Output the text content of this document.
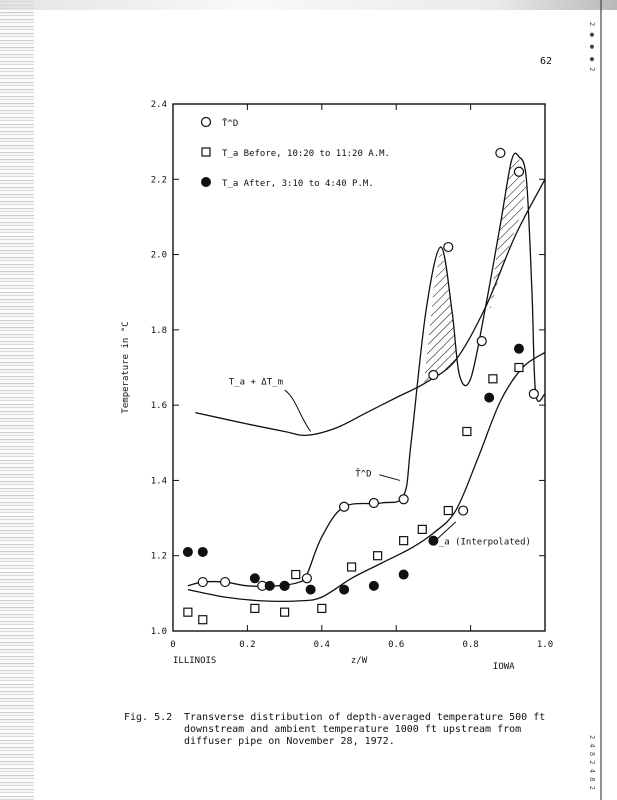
62	2 ● ● ● 2
2 4 8 2 4 8 2
0	0.2	0.4	0.6	0.8	1.0
1.0
1.2
1.4
1.6
1.8
2.0
2.2
2.4
z/W
Temperature in °C
T̄^D
T_a Before, 10:20 to 11:20 A.M.
T_a After, 3:10 to 4:40 P.M.
T_a + ΔT_m
T̄^D
T_a (Interpolated)
ILLINOIS
IOWA
Fig. 5.2 Transverse distribution of depth-averaged temperature 500 ft downstream and ambient temperature 1000 ft upstream from diffuser pipe on November 28, 1972.
